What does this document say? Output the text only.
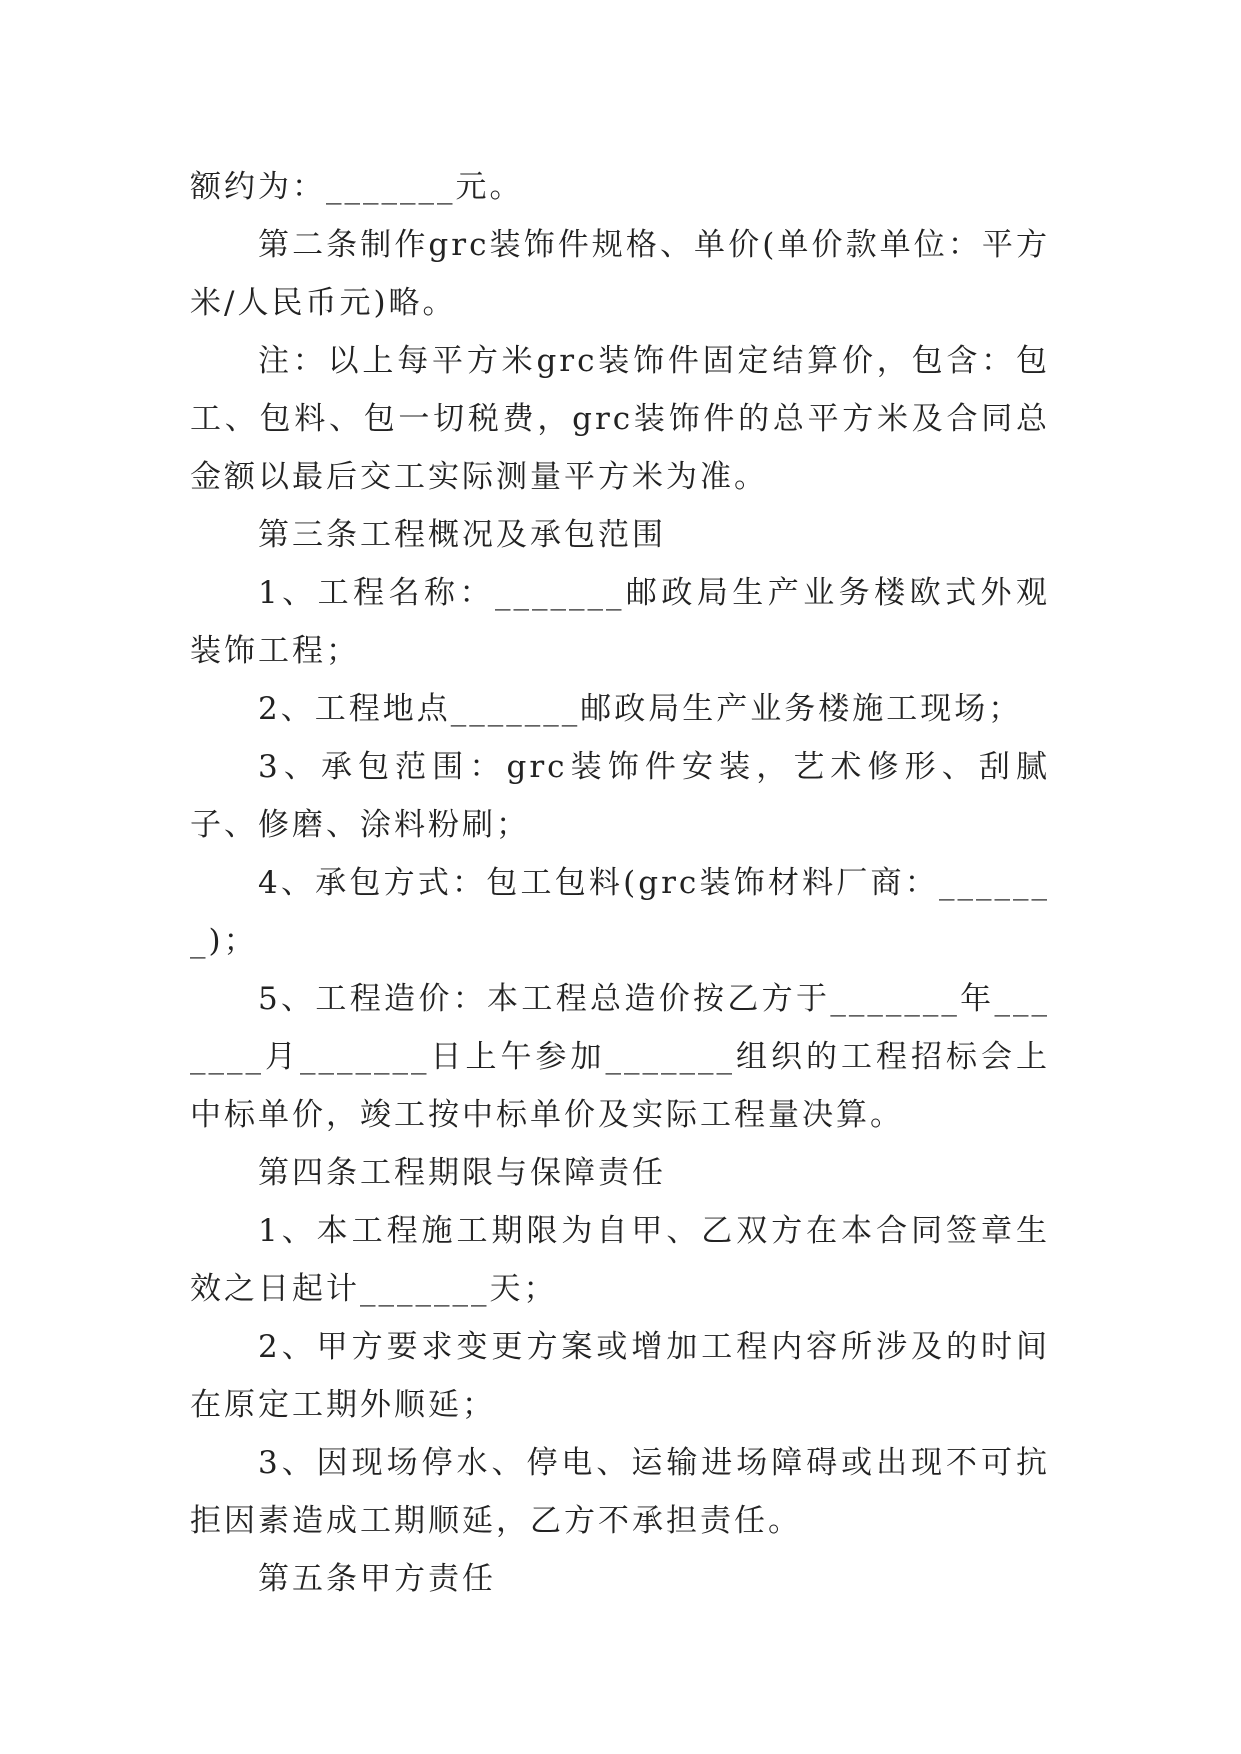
额约为：_______元。

第二条制作grc装饰件规格、单价(单价款单位：平方米/人民币元)略。

注：以上每平方米grc装饰件固定结算价，包含：包工、包料、包一切税费，grc装饰件的总平方米及合同总金额以最后交工实际测量平方米为准。

第三条工程概况及承包范围

1、工程名称：_______邮政局生产业务楼欧式外观装饰工程；

2、工程地点_______邮政局生产业务楼施工现场；

3、承包范围：grc装饰件安装，艺术修形、刮腻子、修磨、涂料粉刷；

4、承包方式：包工包料(grc装饰材料厂商：_______)；

5、工程造价：本工程总造价按乙方于_______年_______月_______日上午参加_______组织的工程招标会上中标单价，竣工按中标单价及实际工程量决算。

第四条工程期限与保障责任

1、本工程施工期限为自甲、乙双方在本合同签章生效之日起计_______天；

2、甲方要求变更方案或增加工程内容所涉及的时间在原定工期外顺延；

3、因现场停水、停电、运输进场障碍或出现不可抗拒因素造成工期顺延，乙方不承担责任。

第五条甲方责任
